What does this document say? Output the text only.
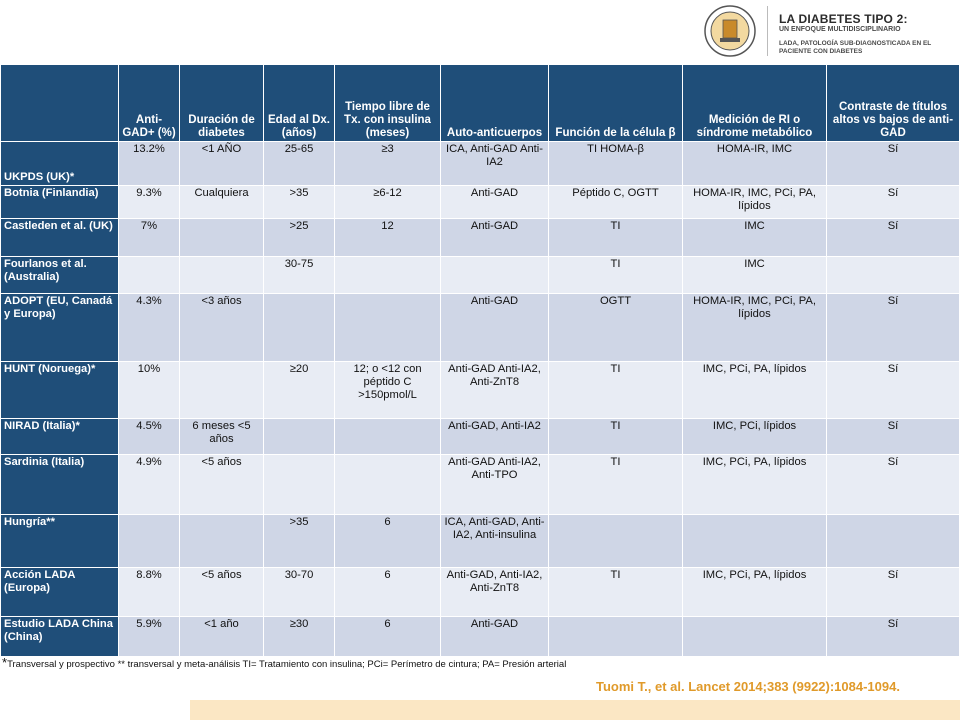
LA DIABETES TIPO 2:
UN ENFOQUE MULTIDISCIPLINARIO
LADA, PATOLOGÍA SUB-DIAGNOSTICADA EN EL PACIENTE CON DIABETES
	Anti-GAD+ (%)	Duración de diabetes	Edad al Dx. (años)	Tiempo libre de Tx. con insulina (meses)	Auto-anticuerpos	Función de la célula β	Medición de RI o síndrome metabólico	Contraste de títulos altos vs bajos de anti-GAD
UKPDS (UK)*	13.2%	<1 AÑO	25-65	≥3	ICA, Anti-GAD Anti-IA2	TI HOMA-β	HOMA-IR, IMC	Sí
Botnia (Finlandia)	9.3%	Cualquiera	>35	≥6-12	Anti-GAD	Péptido C, OGTT	HOMA-IR, IMC, PCi, PA, lípidos	Sí
Castleden et al. (UK)	7%		>25	12	Anti-GAD	TI	IMC	Sí
Fourlanos et al.(Australia)			30-75			TI	IMC	
ADOPT (EU, Canadá y Europa)	4.3%	<3 años			Anti-GAD	OGTT	HOMA-IR, IMC, PCi, PA, lípidos	Sí
HUNT (Noruega)*	10%		≥20	12; o <12 con péptido C >150pmol/L	Anti-GAD Anti-IA2, Anti-ZnT8	TI	IMC, PCi, PA, lípidos	Sí
NIRAD (Italia)*	4.5%	6 meses <5 años			Anti-GAD, Anti-IA2	TI	IMC, PCi, lípidos	Sí
Sardinia (Italia)	4.9%	<5 años			Anti-GAD Anti-IA2, Anti-TPO	TI	IMC, PCi, PA, lípidos	Sí
Hungría**			>35	6	ICA, Anti-GAD, Anti-IA2, Anti-insulina			
Acción LADA (Europa)	8.8%	<5 años	30-70	6	Anti-GAD, Anti-IA2, Anti-ZnT8	TI	IMC, PCi, PA, lípidos	Sí
Estudio LADA China (China)	5.9%	<1 año	≥30	6	Anti-GAD			Sí
*Transversal y prospectivo ** transversal y meta-análisis TI= Tratamiento con insulina; PCi= Perímetro de cintura; PA= Presión arterial
Tuomi T., et al. Lancet 2014;383 (9922):1084-1094.
